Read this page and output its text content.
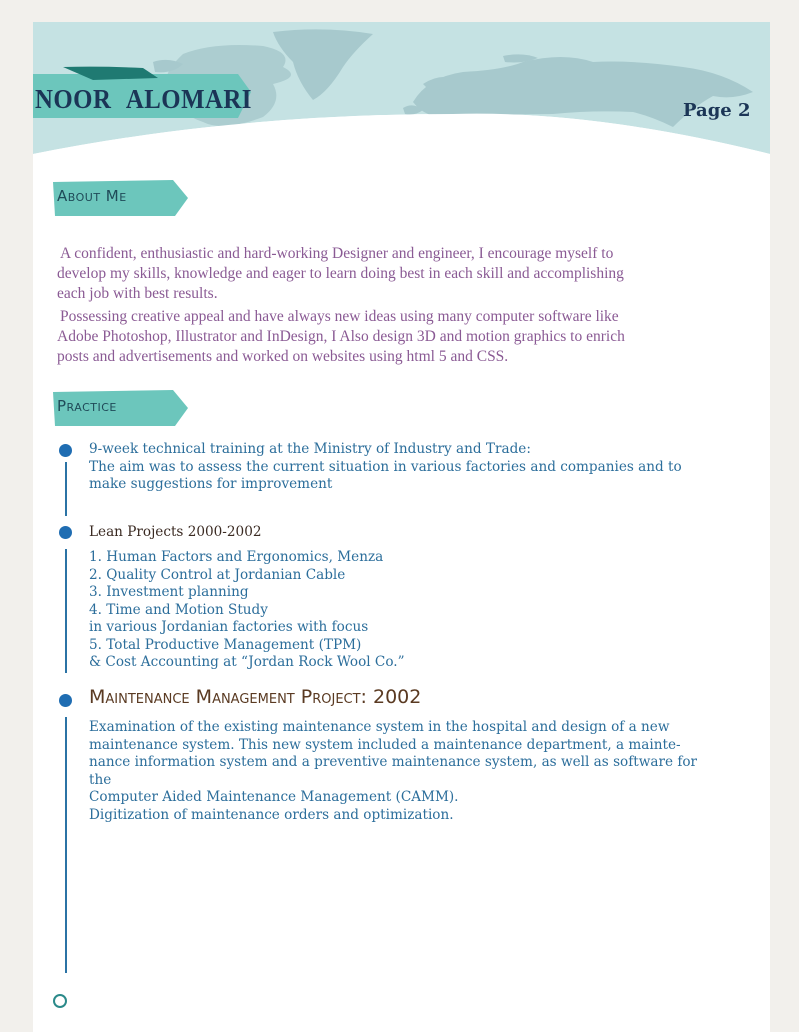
NOOR ALOMARI	Page 2
About Me

A confident, enthusiastic and hard-working Designer and engineer, I encourage myself to
develop my skills, knowledge and eager to learn doing best in each skill and accomplishing
each job with best results.

Possessing creative appeal and have always new ideas using many computer software like
Adobe Photoshop, Illustrator and InDesign, I Also design 3D and motion graphics to enrich
posts and advertisements and worked on websites using html 5 and CSS.

Practice
9-week technical training at the Ministry of Industry and Trade:
The aim was to assess the current situation in various factories and companies and to
make suggestions for improvement
Lean Projects 2000-2002
1. Human Factors and Ergonomics, Menza
2. Quality Control at Jordanian Cable
3. Investment planning
4. Time and Motion Study
in various Jordanian factories with focus
5. Total Productive Management (TPM)
& Cost Accounting at “Jordan Rock Wool Co.”
Maintenance Management Project: 2002
Examination of the existing maintenance system in the hospital and design of a new
maintenance system. This new system included a maintenance department, a mainte-
nance information system and a preventive maintenance system, as well as software for
the
Computer Aided Maintenance Management (CAMM).
Digitization of maintenance orders and optimization.
